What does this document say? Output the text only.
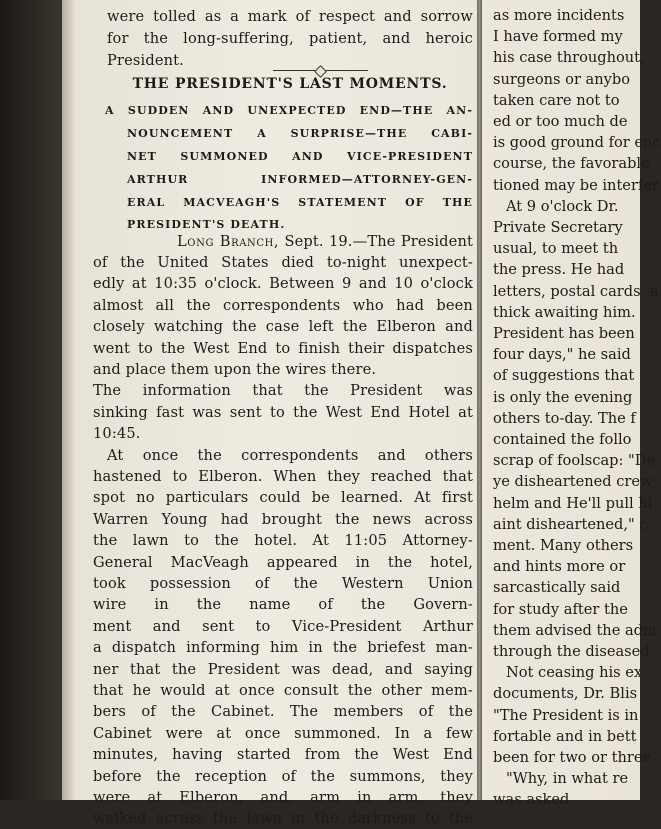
were tolled as a mark of respect and sorrow
for the long-suffering, patient, and heroic
President.
THE PRESIDENT'S LAST MOMENTS.
A SUDDEN AND UNEXPECTED END—THE AN-
NOUNCEMENT A SURPRISE—THE CABI-
NET SUMMONED AND VICE-PRESIDENT
ARTHUR INFORMED—ATTORNEY-GEN-
ERAL MACVEAGH'S STATEMENT OF THE
PRESIDENT'S DEATH.
Long Branch, Sept. 19.—The President
of the United States died to-night unexpect-
edly at 10:35 o'clock. Between 9 and 10 o'clock
almost all the correspondents who had been
closely watching the case left the Elberon and
went to the West End to finish their dispatches
and place them upon the wires there.
The information that the President was
sinking fast was sent to the West End Hotel at
10:45.
At once the correspondents and others
hastened to Elberon. When they reached that
spot no particulars could be learned. At first
Warren Young had brought the news across
the lawn to the hotel. At 11:05 Attorney-
General MacVeagh appeared in the hotel,
took possession of the Western Union
wire in the name of the Govern-
ment and sent to Vice-President Arthur
a dispatch informing him in the briefest man-
ner that the President was dead, and saying
that he would at once consult the other mem-
bers of the Cabinet. The members of the
Cabinet were at once summoned. In a few
minutes, having started from the West End
before the reception of the summons, they
were at Elberon, and, arm in arm, they
walked across the lawn in the darkness to the
as more incidents
I have formed my
his case throughout,
surgeons or anybo
taken care not to
ed or too much de
is good ground for enc
course, the favorable
tioned may be interfer
At 9 o'clock Dr.
Private Secretary
usual, to meet th
the press. He had
letters, postal cards, a
thick awaiting him.
President has been
four days," he said
of suggestions that
is only the evening
others to-day. The f
contained the follo
scrap of foolscap: "De
ye disheartened crew
helm and He'll pull hi
aint disheartened," c
ment. Many others
and hints more or
sarcastically said
for study after the
them advised the adm
through the diseased
Not ceasing his ex
documents, Dr. Blis
"The President is in
fortable and in bett
been for two or three
"Why, in what re
was asked.
